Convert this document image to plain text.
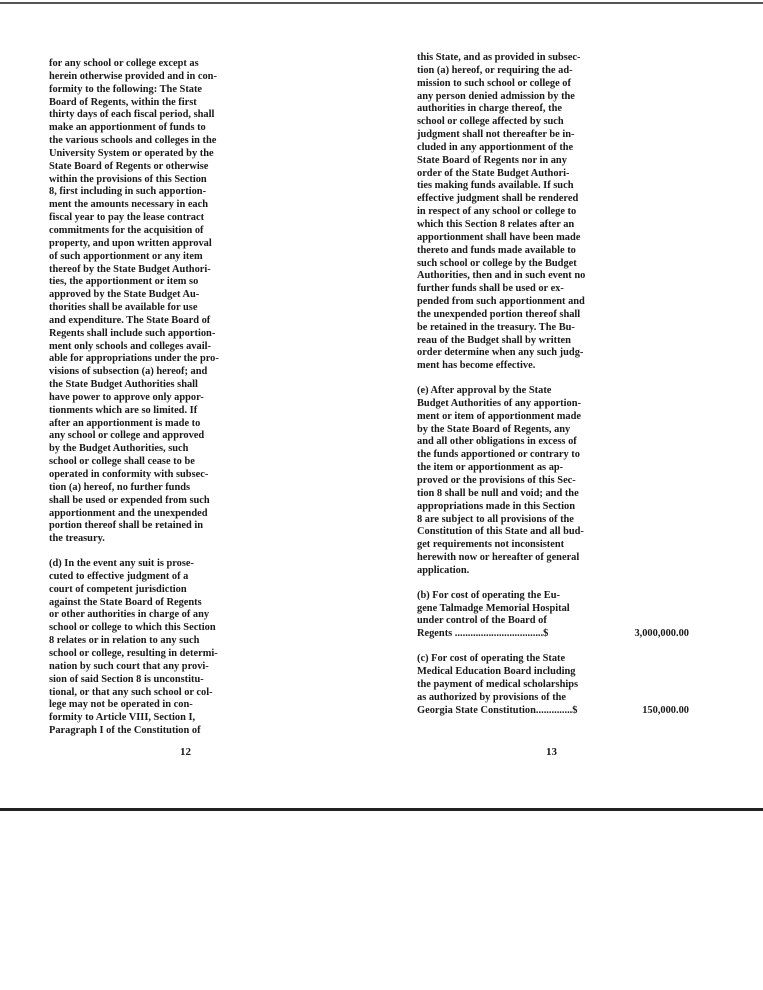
for any school or college except as
herein otherwise provided and in con-
formity to the following: The State
Board of Regents, within the first
thirty days of each fiscal period, shall
make an apportionment of funds to
the various schools and colleges in the
University System or operated by the
State Board of Regents or otherwise
within the provisions of this Section
8, first including in such apportion-
ment the amounts necessary in each
fiscal year to pay the lease contract
commitments for the acquisition of
property, and upon written approval
of such apportionment or any item
thereof by the State Budget Authori-
ties, the apportionment or item so
approved by the State Budget Au-
thorities shall be available for use
and expenditure. The State Board of
Regents shall include such apportion-
ment only schools and colleges avail-
able for appropriations under the pro-
visions of subsection (a) hereof; and
the State Budget Authorities shall
have power to approve only appor-
tionments which are so limited. If
after an apportionment is made to
any school or college and approved
by the Budget Authorities, such
school or college shall cease to be
operated in conformity with subsec-
tion (a) hereof, no further funds
shall be used or expended from such
apportionment and the unexpended
portion thereof shall be retained in
the treasury.

(d) In the event any suit is prose-
cuted to effective judgment of a
court of competent jurisdiction
against the State Board of Regents
or other authorities in charge of any
school or college to which this Section
8 relates or in relation to any such
school or college, resulting in determi-
nation by such court that any provi-
sion of said Section 8 is unconstitu-
tional, or that any such school or col-
lege may not be operated in con-
formity to Article VIII, Section I,
Paragraph I of the Constitution of

this State, and as provided in subsec-
tion (a) hereof, or requiring the ad-
mission to such school or college of
any person denied admission by the
authorities in charge thereof, the
school or college affected by such
judgment shall not thereafter be in-
cluded in any apportionment of the
State Board of Regents nor in any
order of the State Budget Authori-
ties making funds available. If such
effective judgment shall be rendered
in respect of any school or college to
which this Section 8 relates after an
apportionment shall have been made
thereto and funds made available to
such school or college by the Budget
Authorities, then and in such event no
further funds shall be used or ex-
pended from such apportionment and
the unexpended portion thereof shall
be retained in the treasury. The Bu-
reau of the Budget shall by written
order determine when any such judg-
ment has become effective.

(e) After approval by the State
Budget Authorities of any apportion-
ment or item of apportionment made
by the State Board of Regents, any
and all other obligations in excess of
the funds apportioned or contrary to
the item or apportionment as ap-
proved or the provisions of this Sec-
tion 8 shall be null and void; and the
appropriations made in this Section
8 are subject to all provisions of the
Constitution of this State and all bud-
get requirements not inconsistent
herewith now or hereafter of general
application.

(b) For cost of operating the Eu-
gene Talmadge Memorial Hospital
under control of the Board of
Regents ..................................$	3,000,000.00
(c) For cost of operating the State
Medical Education Board including
the payment of medical scholarships
as authorized by provisions of the
Georgia State Constitution..............$	150,000.00
12	13
